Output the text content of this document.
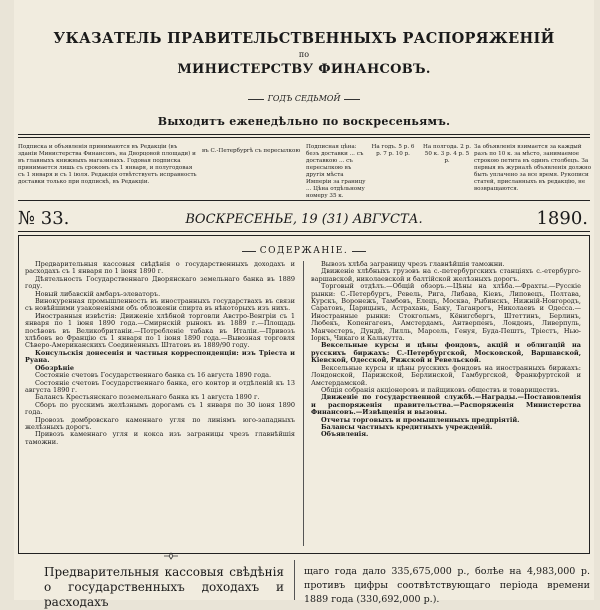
УКАЗАТЕЛЬ ПРАВИТЕЛЬСТВЕННЫХЪ РАСПОРЯЖЕНІЙ
по
МИНИСТЕРСТВУ ФИНАНСОВЪ.
ГОДЪ СЕДЬМОЙ
Выходитъ еженедѣльно по воскресеньямъ.
Подписка и объявленія принимаются въ Редакціи (въ зданіи Министерства Финансовъ, на Дворцовой площади) и въ главныхъ книжныхъ магазинахъ. Годовая подписка принимается лишь съ срокомъ съ 1 января, и полугодовая съ 1 января и съ 1 іюля. Редакція отвѣтствуетъ исправность доставки только при подпискѣ, въ Редакціи.
въ С.-Петербургѣ съ пересылкою
Подписная цѣна:
безъ доставки ... съ доставкою ... съ пересылкою въ другія мѣста Имперіи за границу ... Цѣна отдѣльному номеру 35 к.
На годъ. 5 р. 6 р. 7 р. 10 р.
На полгода. 2 р. 50 к. 3 р. 4 р. 5 р.
За объявленія взимается за каждый разъ по 10 к. за мѣсто, занимаемое строкою петита въ одинъ столбецъ. За первыя въ журналѣ объявленія должно быть уплачено за все время. Рукописи статей, присланныхъ въ редакцію, не возвращаются.
№ 33.	ВОСКРЕСЕНЬЕ, 19 (31) АВГУСТА.	1890.
СОДЕРЖАНІЕ.

Предварительныя кассовыя свѣдѣнія о государственныхъ доходахъ и расходахъ съ 1 января по 1 іюня 1890 г.

Дѣятельность Государственнаго Дворянскаго земельнаго банка въ 1889 году.

Новый либавскій амбаръ-элеваторъ.

Винокуренная промышленность въ иностранныхъ государствахъ въ связи съ новѣйшими узаконеніями объ обложеніи спирта въ нѣкоторыхъ изъ нихъ.

Иностранныя извѣстія: Движеніе хлѣбной торговли Австро-Венгріи съ 1 января по 1 іюня 1890 года.—Смирнскій рынокъ въ 1889 г.—Площадь посѣвовъ въ Великобританіи.—Потребленіе табака въ Италіи.—Привозъ хлѣбовъ во Францію съ 1 января по 1 іюня 1890 года.—Вывозная торговля Сѣверо-Американскихъ Соединенныхъ Штатовъ въ 1889/90 году.

Консульскія донесенія и частныя корреспонденціи: изъ Тріеста и Руана.

Обозрѣніе

Состояніе счетовъ Государственнаго банка съ 16 августа 1890 года.

Состояніе счетовъ Государственнаго банка, его контор и отдѣленій къ 13 августа 1890 г.

Балансъ Крестьянскаго поземельнаго банка къ 1 августа 1890 г.

Сборъ по русскимъ желѣзнымъ дорогамъ съ 1 января по 30 іюня 1890 года.

Провозъ домбровскаго каменнаго угля по линіямъ юго-западныхъ желѣзныхъ дорогъ.

Привозъ каменнаго угля и кокса изъ заграницы чрезъ главнѣйшія таможни.

Вывозъ хлѣба заграницу чрезъ главнѣйшія таможни.

Движеніе хлѣбныхъ грузовъ на с.-петербургскихъ станціяхъ с.-етербурго-варшавской, николаевской и балтійской желѣзныхъ дорогъ.

Торговый отдѣлъ.—Общій обзоръ.—Цѣны на хлѣба.—Фрахты.—Русскіе рынки: С.-Петербургъ, Ревель, Рига, Либава, Кіевъ, Липовецъ, Полтава, Курскъ, Воронежъ, Тамбовъ, Елецъ, Москва, Рыбинскъ, Нижній-Новгородъ, Саратовъ, Царицынъ, Астрахань, Баку, Таганрогъ, Николаевъ и Одесса.—Иностранные рынки: Стокгольмъ, Кёнигсбергъ, Штеттинъ, Берлинъ, Любекъ, Копенгагенъ, Амстердамъ, Антверпенъ, Лондонъ, Ливерпуль, Манчестеръ, Дундй, Лилль, Марсель, Генуя, Буда-Пештъ, Тріестъ, Нью-Іоркъ, Чикаго и Калькутта.

Вексельные курсы и цѣны фондовъ, акцій и облигацій на русскихъ биржахъ: С.-Петербургской, Московской, Варшавской, Кіевской, Одесской, Рижской и Ревельской.

Вексельные курсы и цѣны русскихъ фондовъ на иностранныхъ биржахъ: Лондонской, Парижской, Берлинской, Гамбургской, Франкфуртской и Амстердамской.

Общія собранія акціонеровъ и пайщиковъ обществъ и товариществъ.

Движеніе по государственной службѣ.—Награды.—Постановленія и распоряженія правительства.—Распоряженія Министерства Финансовъ.—Извѣщенія и вызовы.

Отчеты торговыхъ и промышленныхъ предпріятій.

Балансы частныхъ кредитныхъ учрежденій.

Объявленія.

Предварительныя кассовыя свѣдѣнія о государственныхъ доходахъ и расходахъ
щаго года дало 335,675,000 р., болѣе на 4,983,000 р. противъ цифры соотвѣтствующаго періода времени 1889 года (330,692,000 р.).
